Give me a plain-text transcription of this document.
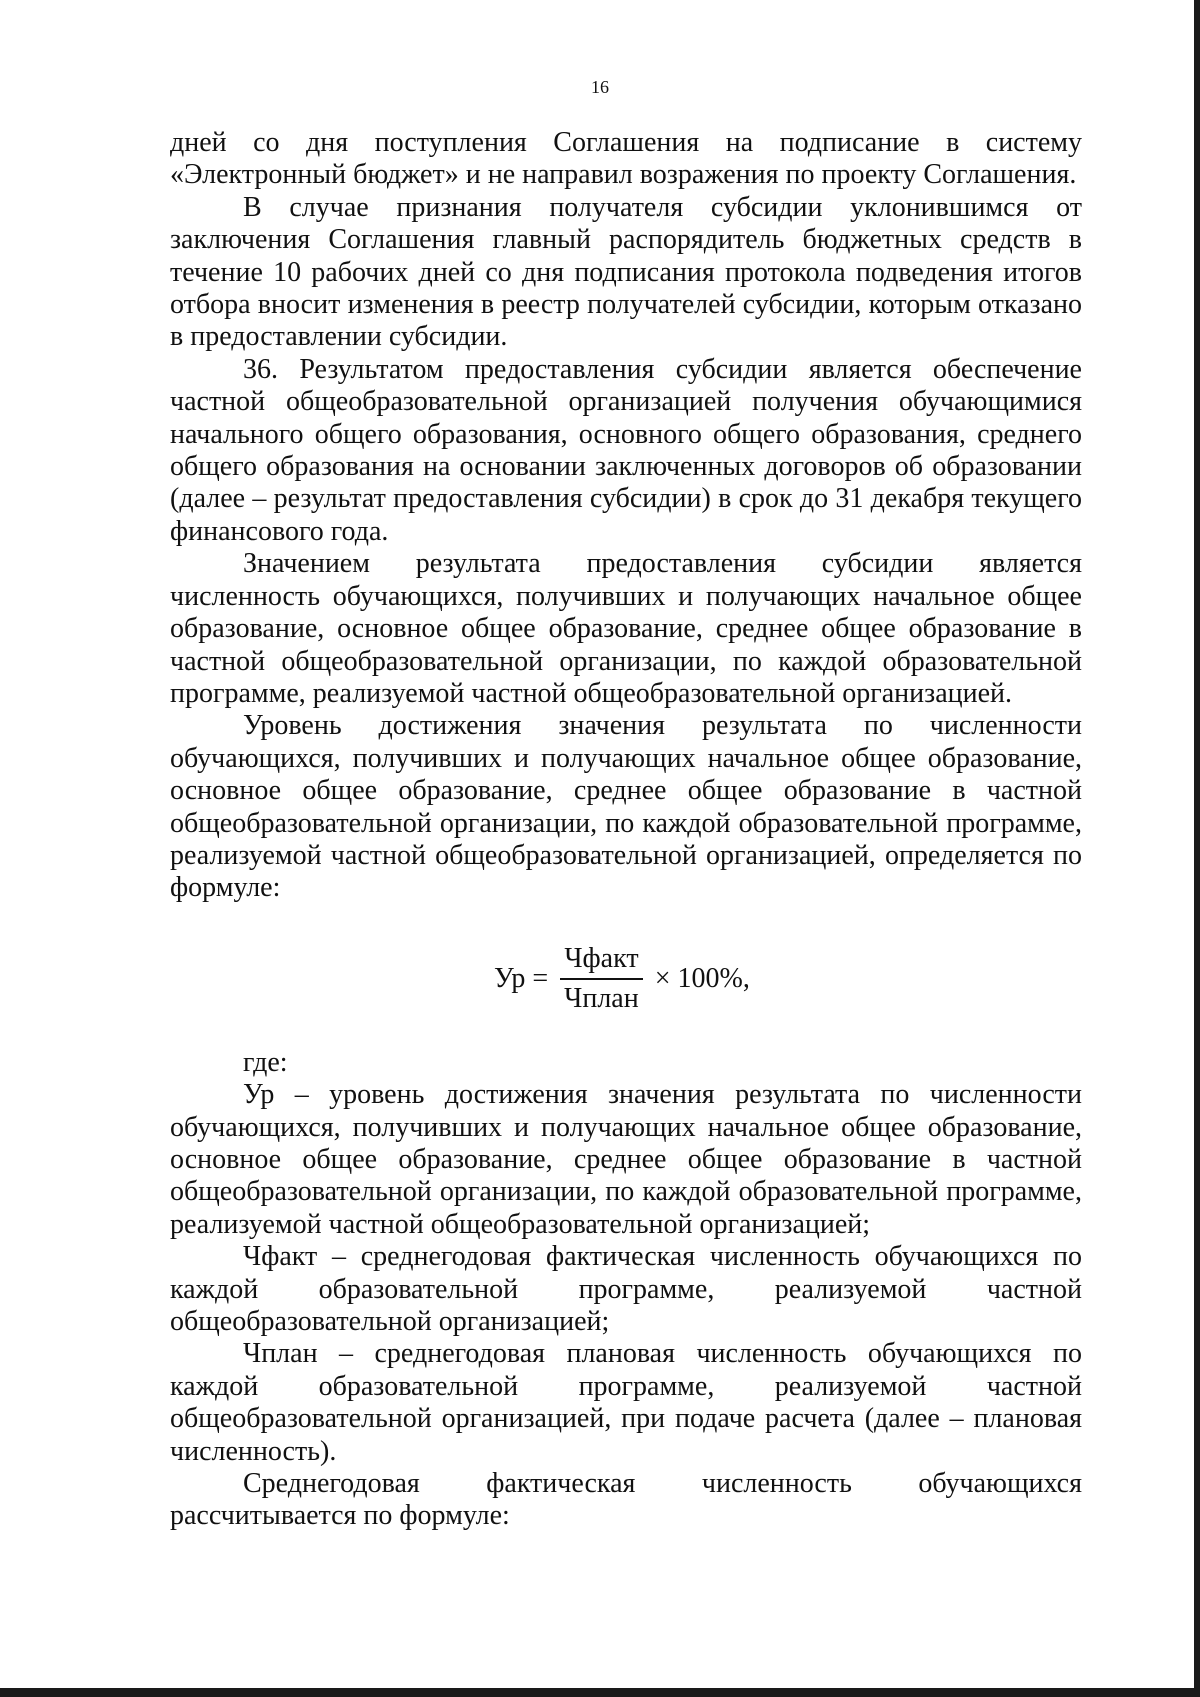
16

дней со дня поступления Соглашения на подписание в систему «Электронный бюджет» и не направил возражения по проекту Соглашения.

В случае признания получателя субсидии уклонившимся от заключения Соглашения главный распорядитель бюджетных средств в течение 10 рабочих дней со дня подписания протокола подведения итогов отбора вносит изменения в реестр получателей субсидии, которым отказано в предоставлении субсидии.

36. Результатом предоставления субсидии является обеспечение частной общеобразовательной организацией получения обучающимися начального общего образования, основного общего образования, среднего общего образования на основании заключенных договоров об образовании (далее – результат предоставления субсидии) в срок до 31 декабря текущего финансового года.

Значением результата предоставления субсидии является численность обучающихся, получивших и получающих начальное общее образование, основное общее образование, среднее общее образование в частной общеобразовательной организации, по каждой образовательной программе, реализуемой частной общеобразовательной организацией.

Уровень достижения значения результата по численности обучающихся, получивших и получающих начальное общее образование, основное общее образование, среднее общее образование в частной общеобразовательной организации, по каждой образовательной программе, реализуемой частной общеобразовательной организацией, определяется по формуле:

Ур = $\frac{\text{Чфакт}}{\text{Чплан}} \times 100\%$,

где:

Ур – уровень достижения значения результата по численности обучающихся, получивших и получающих начальное общее образование, основное общее образование, среднее общее образование в частной общеобразовательной организации, по каждой образовательной программе, реализуемой частной общеобразовательной организацией;

Чфакт – среднегодовая фактическая численность обучающихся по каждой образовательной программе, реализуемой частной общеобразовательной организацией;

Чплан – среднегодовая плановая численность обучающихся по каждой образовательной программе, реализуемой частной общеобразовательной организацией, при подаче расчета (далее – плановая численность).

Среднегодовая фактическая численность обучающихся рассчитывается по формуле:
